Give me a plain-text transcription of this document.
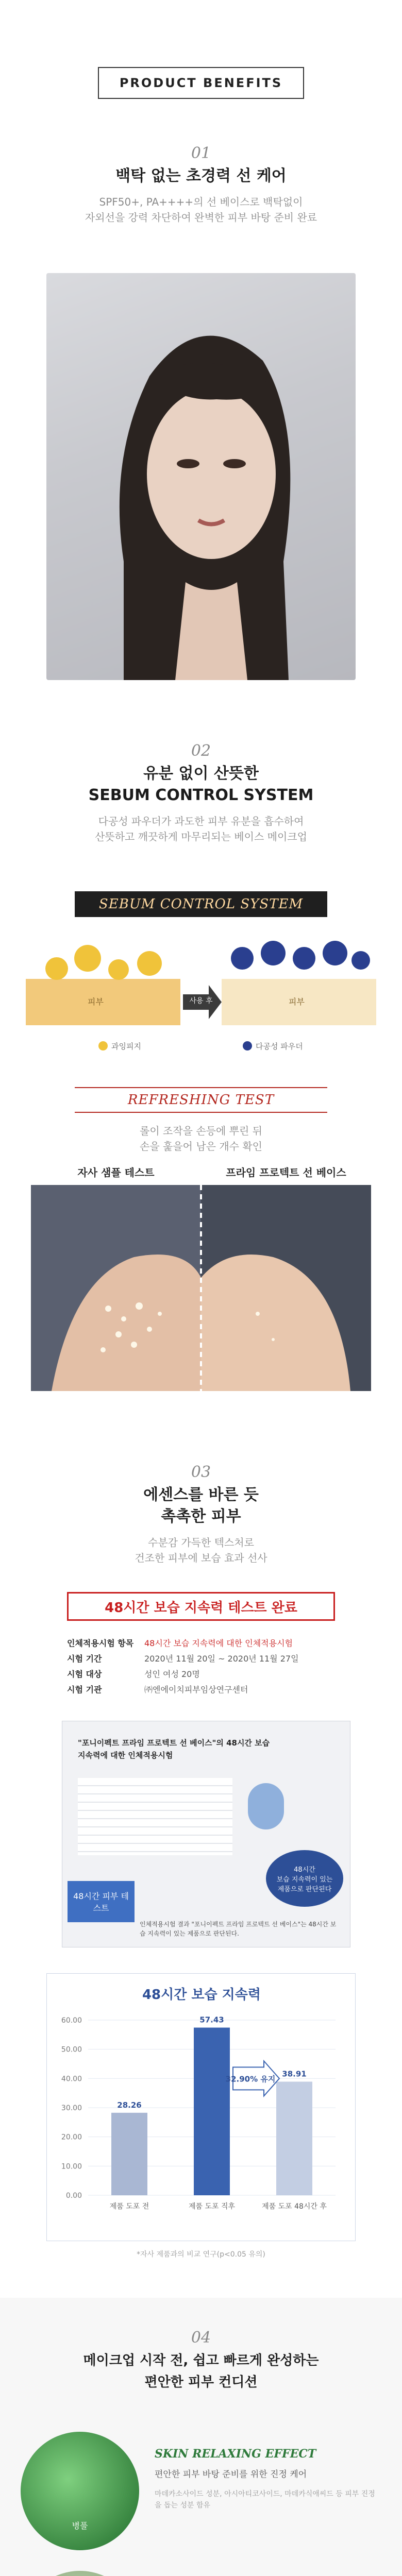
PRODUCT BENEFITS
01
백탁 없는 초경력 선 케어
SPF50+, PA++++의 선 베이스로 백탁없이
자외선을 강력 차단하여 완벽한 피부 바탕 준비 완료
02
유분 없이 산뜻한
SEBUM CONTROL SYSTEM
다공성 파우더가 과도한 피부 유분을 흡수하여
산뜻하고 깨끗하게 마무리되는 베이스 메이크업
SEBUM CONTROL SYSTEM
피부	사용 후	피부
과잉피지	다공성 파우더
REFRESHING TEST
롤이 조작을 손등에 뿌린 뒤
손을 훑을어 남은 개수 확인
자사 샘플 테스트	프라임 프로텍트 선 베이스
03
에센스를 바른 듯
촉촉한 피부
수분감 가득한 텍스처로
건조한 피부에 보습 효과 선사
48시간 보습 지속력 테스트 완료
인체적용시험 항목	48시간 보습 지속력에 대한 인체적용시험
시험 기간	2020년 11월 20일 ~ 2020년 11월 27일
시험 대상	성인 여성 20명
시험 기관	㈜엔에이치피부임상연구센터
"포니이펙트 프라임 프로텍트 선 베이스"의 48시간 보습 지속력에 대한 인체적용시험
48시간 피부 테스트
48시간
보습 지속력이 있는
제품으로 판단된다
인체적용시험 결과 "포니이펙트 프라임 프로텍트 선 베이스"는 48시간 보습 지속력이 있는 제품으로 판단된다.
48시간 보습 지속력
0.00
10.00
20.00
30.00
40.00
50.00
60.00
28.26
제품 도포 전
57.43
제품 도포 직후
38.91
제품 도포 48시간 후
32.90% 유지
*자사 제품과의 비교 연구(p<0.05 유의)
04
메이크업 시작 전, 쉽고 빠르게 완성하는
편안한 피부 컨디션
병풀
SKIN RELAXING EFFECT
편안한 피부 바탕 준비를 위한 진정 케어
마데카소사이드 성분, 아시아티코사이드, 마데카식애씨드 등 피부 진정을 돕는 성분 함유
